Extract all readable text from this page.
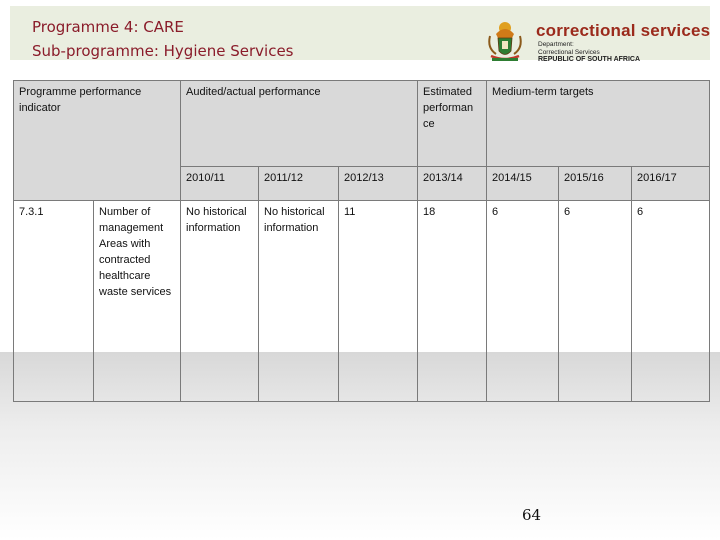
Programme 4: CARE
Sub-programme: Hygiene Services
correctional services
Department:
Correctional Services
REPUBLIC OF SOUTH AFRICA
Programme performance indicator		Audited/actual performance			Estimated performan ce	Medium-term targets		
		2010/11	2011/12	2012/13	2013/14	2014/15	2015/16	2016/17
7.3.1	Number of management Areas with contracted healthcare waste services	No historical information	No historical information	11	18	6	6	6
64
